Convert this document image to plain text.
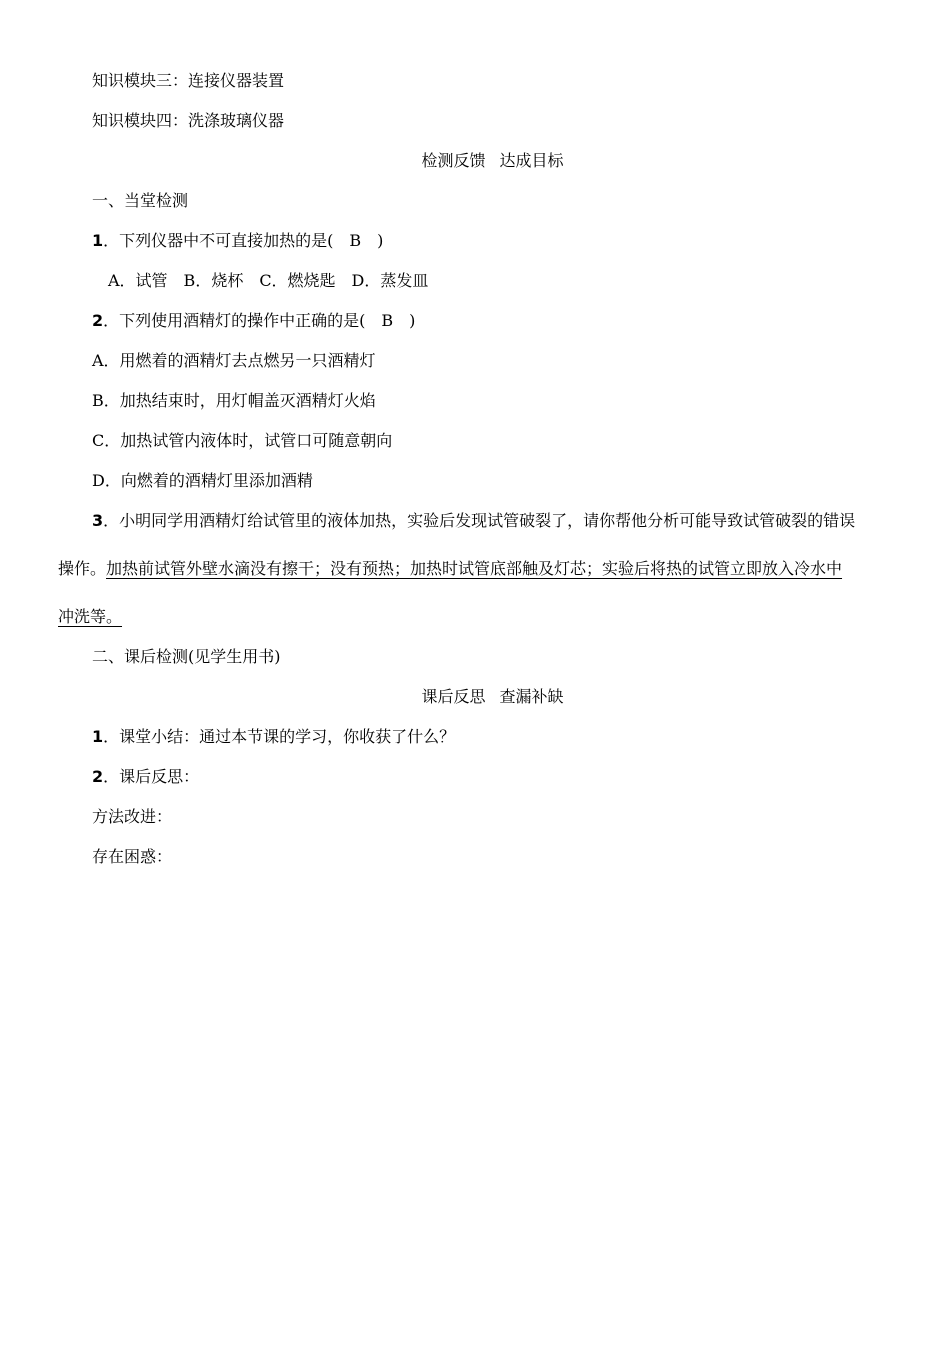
知识模块三：连接仪器装置
知识模块四：洗涤玻璃仪器
检测反馈 达成目标
一、当堂检测
1．下列仪器中不可直接加热的是(　B　)
A．试管　B．烧杯　C．燃烧匙　D．蒸发皿
2．下列使用酒精灯的操作中正确的是(　B　)
A．用燃着的酒精灯去点燃另一只酒精灯
B．加热结束时，用灯帽盖灭酒精灯火焰
C．加热试管内液体时，试管口可随意朝向
D．向燃着的酒精灯里添加酒精
3．小明同学用酒精灯给试管里的液体加热，实验后发现试管破裂了，请你帮他分析可能导致试管破裂的错误
操作。加热前试管外壁水滴没有擦干；没有预热；加热时试管底部触及灯芯；实验后将热的试管立即放入冷水中
冲洗等。
二、课后检测(见学生用书)
课后反思 查漏补缺
1．课堂小结：通过本节课的学习，你收获了什么？
2．课后反思：
方法改进：
存在困惑：
